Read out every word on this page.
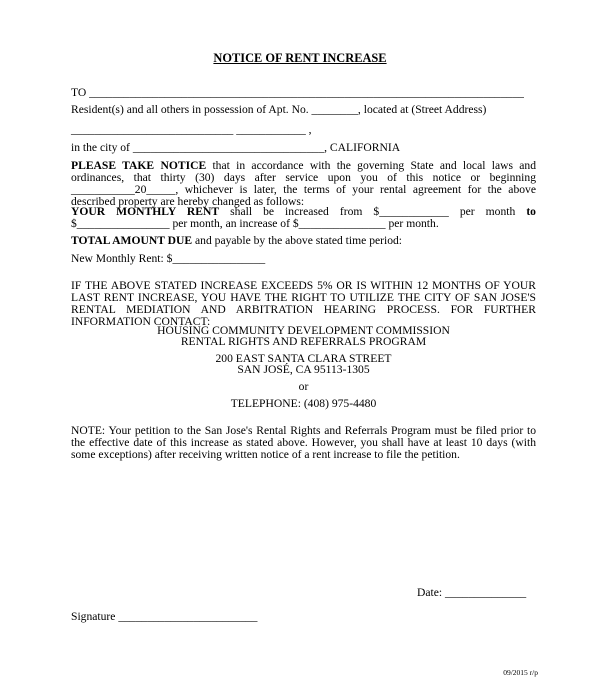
NOTICE OF RENT INCREASE
TO ___________________________________________________________________________
Resident(s) and all others in possession of Apt. No. ________, located at (Street Address)
____________________________ ____________ ,
in the city of _________________________________, CALIFORNIA

PLEASE TAKE NOTICE that in accordance with the governing State and local laws and ordinances, that thirty (30) days after service upon you of this notice or beginning ___________20_____, whichever is later, the terms of your rental agreement for the above described property are hereby changed as follows:

YOUR MONTHLY RENT shall be increased from $____________ per month to $________________ per month, an increase of $_______________ per month.

TOTAL AMOUNT DUE and payable by the above stated time period:

New Monthly Rent: $________________

IF THE ABOVE STATED INCREASE EXCEEDS 5% OR IS WITHIN 12 MONTHS OF YOUR LAST RENT INCREASE, YOU HAVE THE RIGHT TO UTILIZE THE CITY OF SAN JOSE'S RENTAL MEDIATION AND ARBITRATION HEARING PROCESS. FOR FURTHER INFORMATION CONTACT:

HOUSING COMMUNITY DEVELOPMENT COMMISSION
RENTAL RIGHTS AND REFERRALS PROGRAM
200 EAST SANTA CLARA STREET
SAN JOSÉ, CA 95113-1305
or
TELEPHONE: (408) 975-4480

NOTE: Your petition to the San Jose's Rental Rights and Referrals Program must be filed prior to the effective date of this increase as stated above. However, you shall have at least 10 days (with some exceptions) after receiving written notice of a rent increase to file the petition.

Date: ______________
Signature ________________________
09/2015 r/p
